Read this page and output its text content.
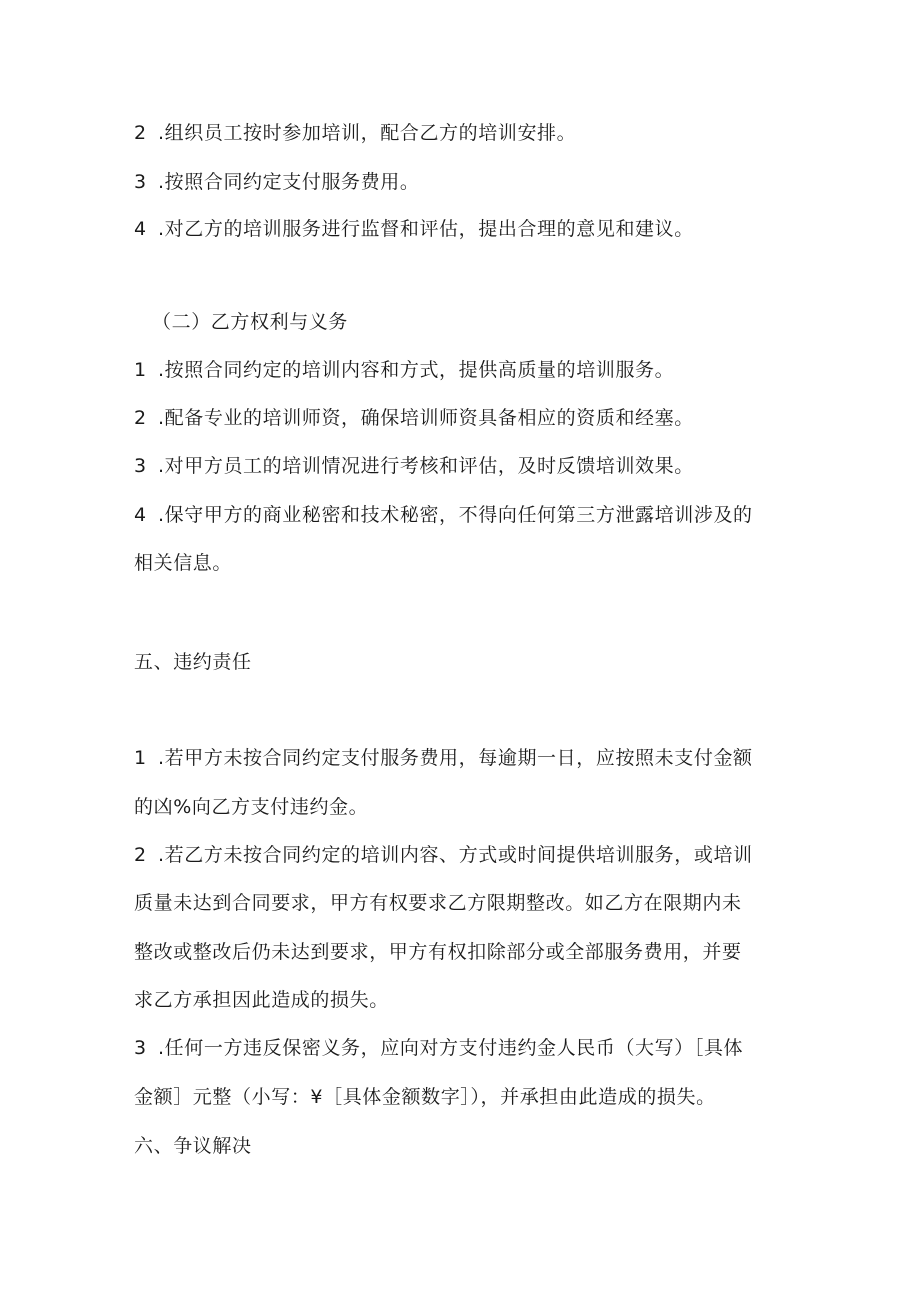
2 .组织员工按时参加培训，配合乙方的培训安排。
3 .按照合同约定支付服务费用。
4 .对乙方的培训服务进行监督和评估，提出合理的意见和建议。
（二）乙方权利与义务
1 .按照合同约定的培训内容和方式，提供高质量的培训服务。
2 .配备专业的培训师资，确保培训师资具备相应的资质和经塞。
3 .对甲方员工的培训情况进行考核和评估，及时反馈培训效果。
4 .保守甲方的商业秘密和技术秘密，不得向任何第三方泄露培训涉及的
相关信息。
五、违约责任
1 .若甲方未按合同约定支付服务费用，每逾期一日，应按照未支付金额
的凶%向乙方支付违约金。
2 .若乙方未按合同约定的培训内容、方式或时间提供培训服务，或培训
质量未达到合同要求，甲方有权要求乙方限期整改。如乙方在限期内未
整改或整改后仍未达到要求，甲方有权扣除部分或全部服务费用，并要
求乙方承担因此造成的损失。
3 .任何一方违反保密义务，应向对方支付违约金人民币（大写）［具体
金额］元整（小写：¥［具体金额数字］），并承担由此造成的损失。
六、争议解决
